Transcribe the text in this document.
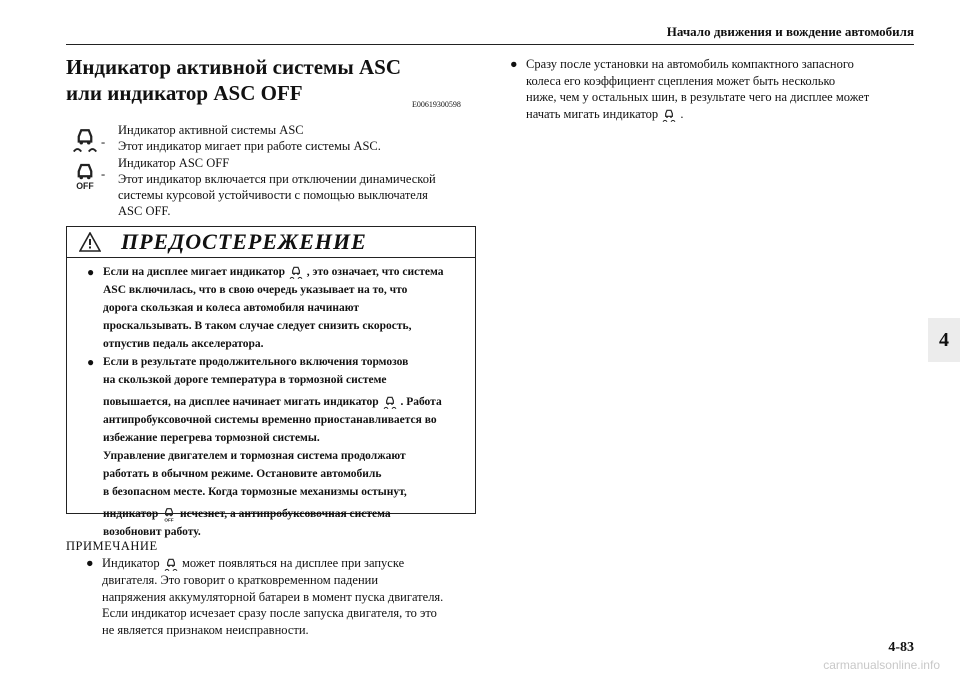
Начало движения и вождение автомобиля
Индикатор активной системы ASC
или индикатор ASC OFF	E00619300598
-
Индикатор активной системы ASC
Этот индикатор мигает при работе системы ASC.
-
Индикатор ASC OFF
Этот индикатор включается при отключении динамической
системы курсовой устойчивости с помощью выключателя
ASC OFF.
ПРЕДОСТЕРЕЖЕНИЕ
● Если на дисплее мигает индикатор , это означает, что система
ASC включилась, что в свою очередь указывает на то, что
дорога скользкая и колеса автомобиля начинают
проскальзывать. В таком случае следует снизить скорость,
отпустив педаль акселератора.
● Если в результате продолжительного включения тормозов
на скользкой дороге температура в тормозной системе
повышается, на дисплее начинает мигать индикатор . Работа
антипробуксовочной системы временно приостанавливается во
избежание перегрева тормозной системы.
Управление двигателем и тормозная система продолжают
работать в обычном режиме. Остановите автомобиль
в безопасном месте. Когда тормозные механизмы остынут,
индикатор исчезнет, а антипробуксовочная система
возобновит работу.
ПРИМЕЧАНИЕ
● Индикатор может появляться на дисплее при запуске
двигателя. Это говорит о кратковременном падении
напряжения аккумуляторной батареи в момент пуска двигателя.
Если индикатор исчезает сразу после запуска двигателя, то это
не является признаком неисправности.
● Сразу после установки на автомобиль компактного запасного
колеса его коэффициент сцепления может быть несколько
ниже, чем у остальных шин, в результате чего на дисплее может
начать мигать индикатор .
4
4-83
carmanualsonline.info
